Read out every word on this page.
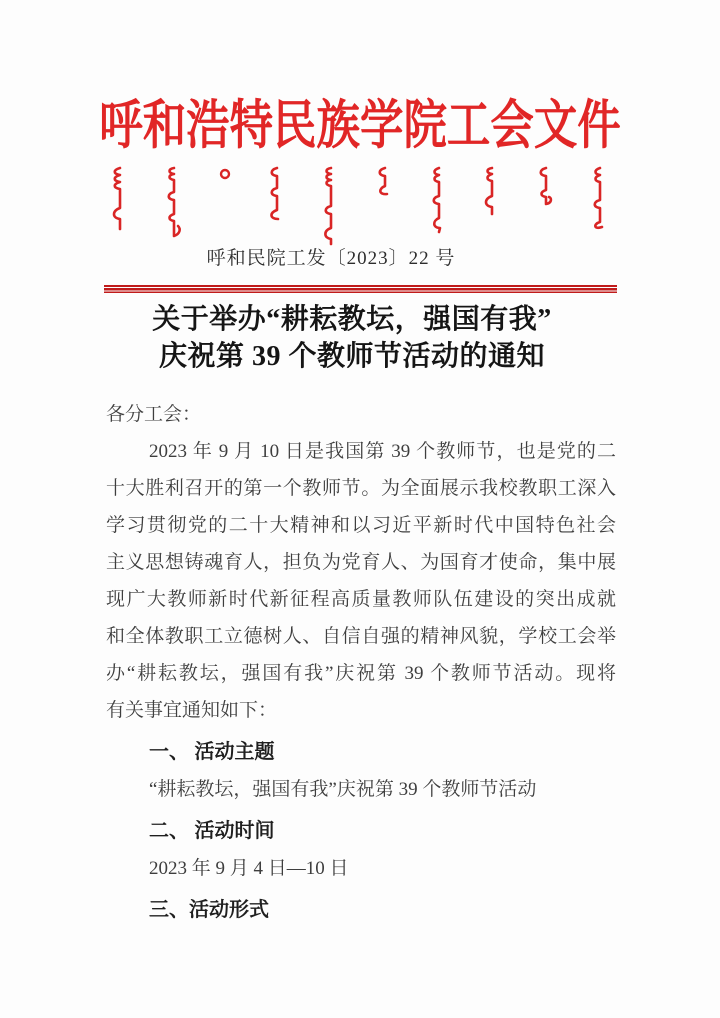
呼和浩特民族学院工会文件
呼和民院工发〔2023〕22 号
关于举办“耕耘教坛，强国有我”
庆祝第 39 个教师节活动的通知
各分工会：
2023 年 9 月 10 日是我国第 39 个教师节，也是党的二
十大胜利召开的第一个教师节。为全面展示我校教职工深入
学习贯彻党的二十大精神和以习近平新时代中国特色社会
主义思想铸魂育人，担负为党育人、为国育才使命，集中展
现广大教师新时代新征程高质量教师队伍建设的突出成就
和全体教职工立德树人、自信自强的精神风貌，学校工会举
办“耕耘教坛，强国有我”庆祝第 39 个教师节活动。现将
有关事宜通知如下：
一、 活动主题
“耕耘教坛，强国有我”庆祝第 39 个教师节活动
二、 活动时间
2023 年 9 月 4 日—10 日
三、活动形式
